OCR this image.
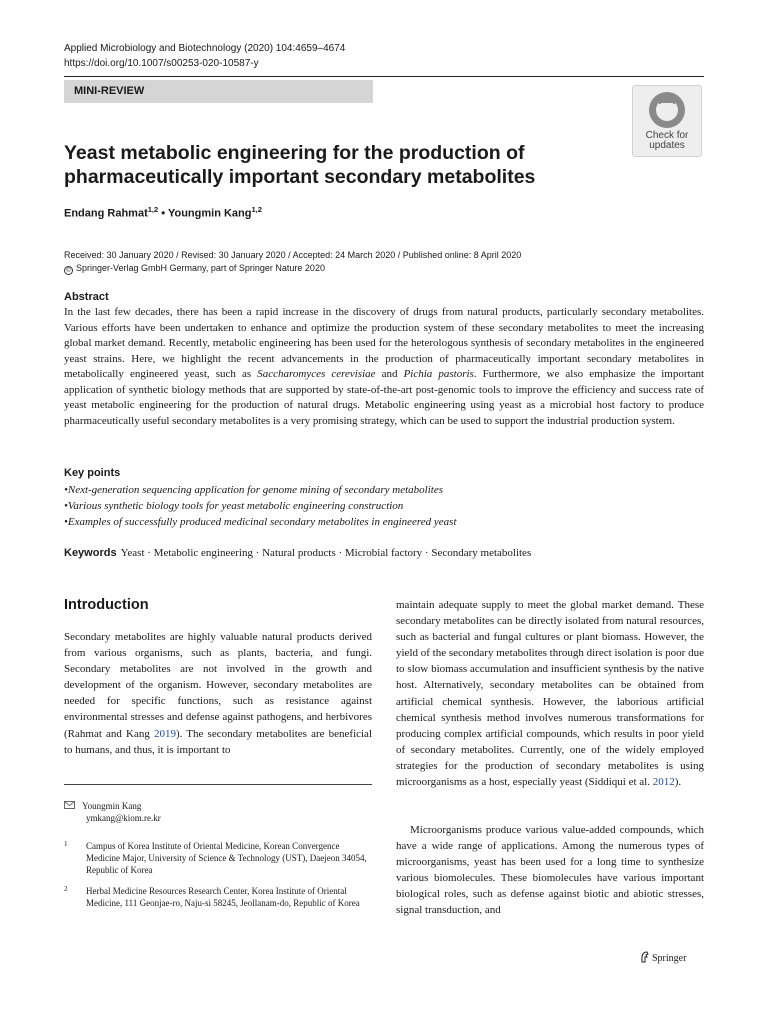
Applied Microbiology and Biotechnology (2020) 104:4659–4674
https://doi.org/10.1007/s00253-020-10587-y
MINI-REVIEW
Check for
updates
Yeast metabolic engineering for the production of pharmaceutically important secondary metabolites
Endang Rahmat$^{1,2}$ • Youngmin Kang$^{1,2}$
Received: 30 January 2020 / Revised: 30 January 2020 / Accepted: 24 March 2020 / Published online: 8 April 2020
© Springer-Verlag GmbH Germany, part of Springer Nature 2020
Abstract
In the last few decades, there has been a rapid increase in the discovery of drugs from natural products, particularly secondary metabolites. Various efforts have been undertaken to enhance and optimize the production system of these secondary metabolites to meet the increasing global market demand. Recently, metabolic engineering has been used for the heterologous synthesis of secondary metabolites in the engineered yeast strains. Here, we highlight the recent advancements in the production of pharmaceutically important secondary metabolites in metabolically engineered yeast, such as Saccharomyces cerevisiae and Pichia pastoris. Furthermore, we also emphasize the important application of synthetic biology methods that are supported by state-of-the-art post-genomic tools to improve the efficiency and success rate of yeast metabolic engineering for the production of natural drugs. Metabolic engineering using yeast as a microbial host factory to produce pharmaceutically useful secondary metabolites is a very promising strategy, which can be used to support the industrial production system.
Key points
•Next-generation sequencing application for genome mining of secondary metabolites
•Various synthetic biology tools for yeast metabolic engineering construction
•Examples of successfully produced medicinal secondary metabolites in engineered yeast
Keywords Yeast · Metabolic engineering · Natural products · Microbial factory · Secondary metabolites
Introduction

Secondary metabolites are highly valuable natural products derived from various organisms, such as plants, bacteria, and fungi. Secondary metabolites are not involved in the growth and development of the organism. However, secondary metabolites are needed for specific functions, such as resistance against environmental stresses and defense against pathogens, and herbivores (Rahmat and Kang 2019). The secondary metabolites are beneficial to humans, and thus, it is important to

maintain adequate supply to meet the global market demand. These secondary metabolites can be directly isolated from natural resources, such as bacterial and fungal cultures or plant biomass. However, the yield of the secondary metabolites through direct isolation is poor due to slow biomass accumulation and insufficient synthesis by the native host. Alternatively, secondary metabolites can be obtained from artificial chemical synthesis. However, the laborious artificial chemical synthesis method involves numerous transformations for producing complex artificial compounds, which results in poor yield of secondary metabolites. Currently, one of the widely employed strategies for the production of secondary metabolites is using microorganisms as a host, especially yeast (Siddiqui et al. 2012).

Microorganisms produce various value-added compounds, which have a wide range of applications. Among the numerous types of microorganisms, yeast has been used for a long time to synthesize various biomolecules. These biomolecules have various important biological roles, such as defense against biotic and abiotic stresses, signal transduction, and

Youngmin Kang
ymkang@kiom.re.kr
1	Campus of Korea Institute of Oriental Medicine, Korean Convergence Medicine Major, University of Science & Technology (UST), Daejeon 34054, Republic of Korea
2	Herbal Medicine Resources Research Center, Korea Institute of Oriental Medicine, 111 Geonjae-ro, Naju-si 58245, Jeollanam-do, Republic of Korea
Springer
